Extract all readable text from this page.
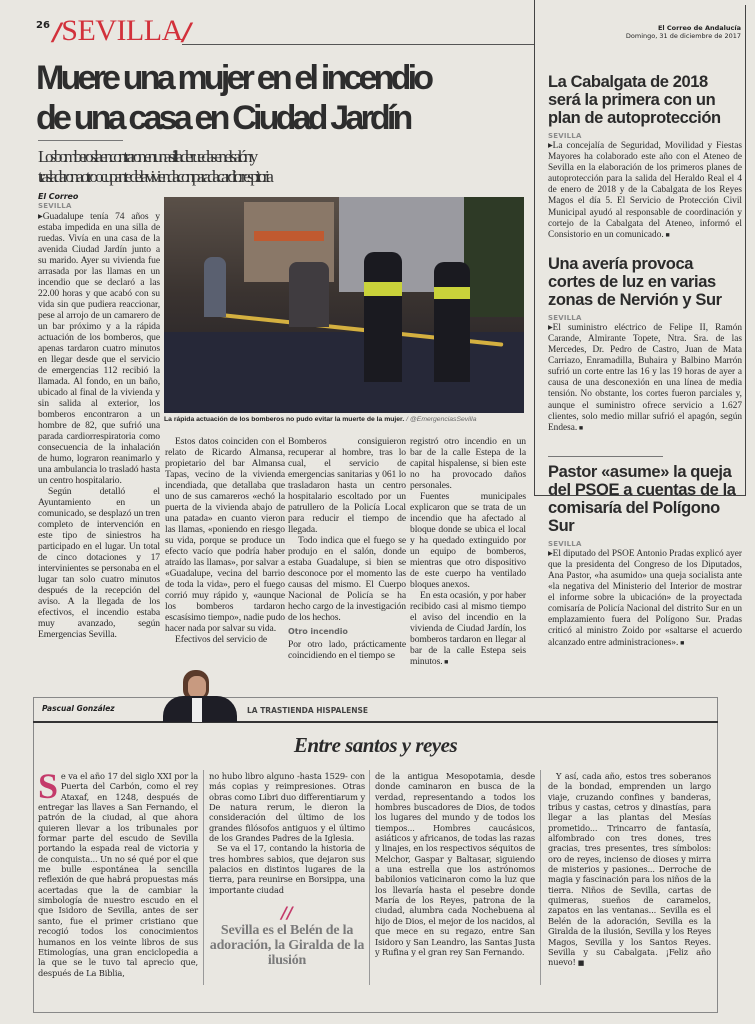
26 /SEVILLA/	El Correo de Andalucía
Domingo, 31 de diciembre de 2017
Muere una mujer en el incendio
de una casa en Ciudad Jardín
Los bomberos la encontraron en una silla de ruedas en el salón y
trasladaron a otro ocupante de la vivienda con parada cardiorrespitoria
El Correo
SEVILLA

▸Guadalupe tenía 74 años y estaba impedida en una silla de ruedas. Vivía en una casa de la avenida Ciudad Jardín junto a su marido. Ayer su vivienda fue arrasada por las llamas en un incendio que se declaró a las 22.00 horas y que acabó con su vida sin que pudiera reaccionar, pese al arrojo de un camarero de un bar próximo y a la rápida actuación de los bomberos, que apenas tardaron cuatro minutos en llegar desde que el servicio de emergencias 112 recibió la llamada. Al fondo, en un baño, ubicado al final de la vivienda y sin salida al exterior, los bomberos encontraron a un hombre de 82, que sufrió una parada cardiorrespiratoria como consecuencia de la inhalación de humo, lograron reanimarlo y una ambulancia lo trasladó hasta un centro hospitalario.

Según detalló el Ayuntamiento en un comunicado, se desplazó un tren completo de intervención en este tipo de siniestros ha participado en el lugar. Un total de cinco dotaciones y 17 intervinientes se personaba en el lugar tan solo cuatro minutos después de la recepción del aviso. A la llegada de los efectivos, el incendio estaba muy avanzado, según Emergencias Sevilla.

La rápida actuación de los bomberos no pudo evitar la muerte de la mujer. / @EmergenciasSevilla

Estos datos coinciden con el relato de Ricardo Almansa, propietario del bar Almansa Tapas, vecino de la vivienda incendiada, que detallaba que uno de sus camareros «echó la puerta de la vivienda abajo de una patada» en cuanto vieron las llamas, «poniendo en riesgo su vida, porque se produce un efecto vacío que podría haber atraído las llamas», por salvar a «Guadalupe, vecina del barrio de toda la vida», pero el fuego corrió muy rápido y, «aunque los bomberos tardaron escasísimo tiempo», nadie pudo hacer nada por salvar su vida.

Efectivos del servicio de

Bomberos consiguieron recuperar al hombre, tras lo cual, el servicio de emergencias sanitarias y 061 lo trasladaron hasta un centro hospitalario escoltado por un patrullero de la Policía Local para reducir el tiempo de llegada.

Todo indica que el fuego se produjo en el salón, donde estaba Guadalupe, si bien se desconoce por el momento las causas del mismo. El Cuerpo Nacional de Policía se ha hecho cargo de la investigación de los hechos.

Otro incendio

Por otro lado, prácticamente coincidiendo en el tiempo se

registró otro incendio en un bar de la calle Estepa de la capital hispalense, si bien este no ha provocado daños personales.

Fuentes municipales explicaron que se trata de un incendio que ha afectado al bloque donde se ubica el local y ha quedado extinguido por un equipo de bomberos, mientras que otro dispositivo de este cuerpo ha ventilado bloques anexos.

En esta ocasión, y por haber recibido casi al mismo tiempo el aviso del incendio en la vivienda de Ciudad Jardín, los bomberos tardaron en llegar al bar de la calle Estepa seis minutos. ■

La Cabalgata de 2018 será la primera con un plan de autoprotección
SEVILLA
▸La concejalía de Seguridad, Movilidad y Fiestas Mayores ha colaborado este año con el Ateneo de Sevilla en la elaboración de los primeros planes de autoprotección para la salida del Heraldo Real el 4 de enero de 2018 y de la Cabalgata de los Reyes Magos el día 5. El Servicio de Protección Civil Municipal ayudó al responsable de coordinación y cortejo de la Cabalgata del Ateneo, informó el Consistorio en un comunicado. ■
Una avería provoca cortes de luz en varias zonas de Nervión y Sur
SEVILLA
▸El suministro eléctrico de Felipe II, Ramón Carande, Almirante Topete, Ntra. Sra. de las Mercedes, Dr. Pedro de Castro, Juan de Mata Carriazo, Enramadilla, Buhaira y Balbino Marrón sufrió un corte entre las 16 y las 19 horas de ayer a causa de una desconexión en una línea de media tensión. No obstante, los cortes fueron parciales y, aunque el suministro ofrece servicio a 1.627 clientes, solo medio millar sufrió el apagón, según Endesa. ■
Pastor «asume» la queja del PSOE a cuentas de la comisaría del Polígono Sur
SEVILLA
▸El diputado del PSOE Antonio Pradas explicó ayer que la presidenta del Congreso de los Diputados, Ana Pastor, «ha asumido» una queja socialista ante «la negativa del Ministerio del Interior de mostrar el informe sobre la ubicación» de la proyectada comisaría de Policía Nacional del distrito Sur en un emplazamiento fuera del Polígono Sur. Pradas criticó al ministro Zoido por «saltarse el acuerdo alcanzado entre administraciones». ■
Pascual González	LA TRASTIENDA HISPALENSE
Entre santos y reyes
S e va el año 17 del siglo XXI por la Puerta del Carbón, como el rey Ataxaf, en 1248, después de entregar las llaves a San Fernando, el patrón de la ciudad, al que ahora quieren llevar a los tribunales por formar parte del escudo de Sevilla portando la espada real de victoria y de conquista... Un no sé qué por el que me bulle espontánea la sencilla reflexión de que habrá propuestas más acertadas que la de cambiar la simbología de nuestro escudo en el que Isidoro de Sevilla, antes de ser santo, fue el primer cristiano que recogió todos los conocimientos humanos en los veinte libros de sus Etimologías, una gran enciclopedia a la que se le tuvo tal aprecio que, después de La Biblia,

no hubo libro alguno -hasta 1529- con más copias y reimpresiones. Otras obras como Libri duo differentiarum y De natura rerum, le dieron la consideración del último de los grandes filósofos antiguos y el último de los Grandes Padres de la Iglesia.

Se va el 17, contando la historia de tres hombres sabios, que dejaron sus palacios en distintos lugares de la tierra, para reunirse en Borsippa, una importante ciudad

//
Sevilla es el Belén de la adoración, la Giralda de la ilusión

de la antigua Mesopotamia, desde donde caminaron en busca de la verdad, representando a todos los hombres buscadores de Dios, de todos los lugares del mundo y de todos los tiempos... Hombres caucásicos, asiáticos y africanos, de todas las razas y linajes, en los respectivos séquitos de Melchor, Gaspar y Baltasar, siguiendo a una estrella que los astrónomos babilonios vaticinaron como la luz que los llevaría hasta el pesebre donde María de los Reyes, patrona de la ciudad, alumbra cada Nochebuena al hijo de Dios, el mejor de los nacidos, al que mece en su regazo, entre San Isidoro y San Leandro, las Santas Justa y Rufina y el gran rey San Fernando.

Y así, cada año, estos tres soberanos de la bondad, emprenden un largo viaje, cruzando confines y banderas, tribus y castas, cetros y dinastías, para llegar a las plantas del Mesías prometido... Trincarro de fantasía, alfombrado con tres dones, tres gracias, tres presentes, tres símbolos: oro de reyes, incienso de dioses y mirra de misterios y pasiones... Derroche de magia y fascinación para los niños de la tierra. Niños de Sevilla, cartas de quimeras, sueños de caramelos, zapatos en las ventanas... Sevilla es el Belén de la adoración, Sevilla es la Giralda de la ilusión, Sevilla y los Reyes Magos, Sevilla y los Santos Reyes. Sevilla y su Cabalgata. ¡Feliz año nuevo! ■
